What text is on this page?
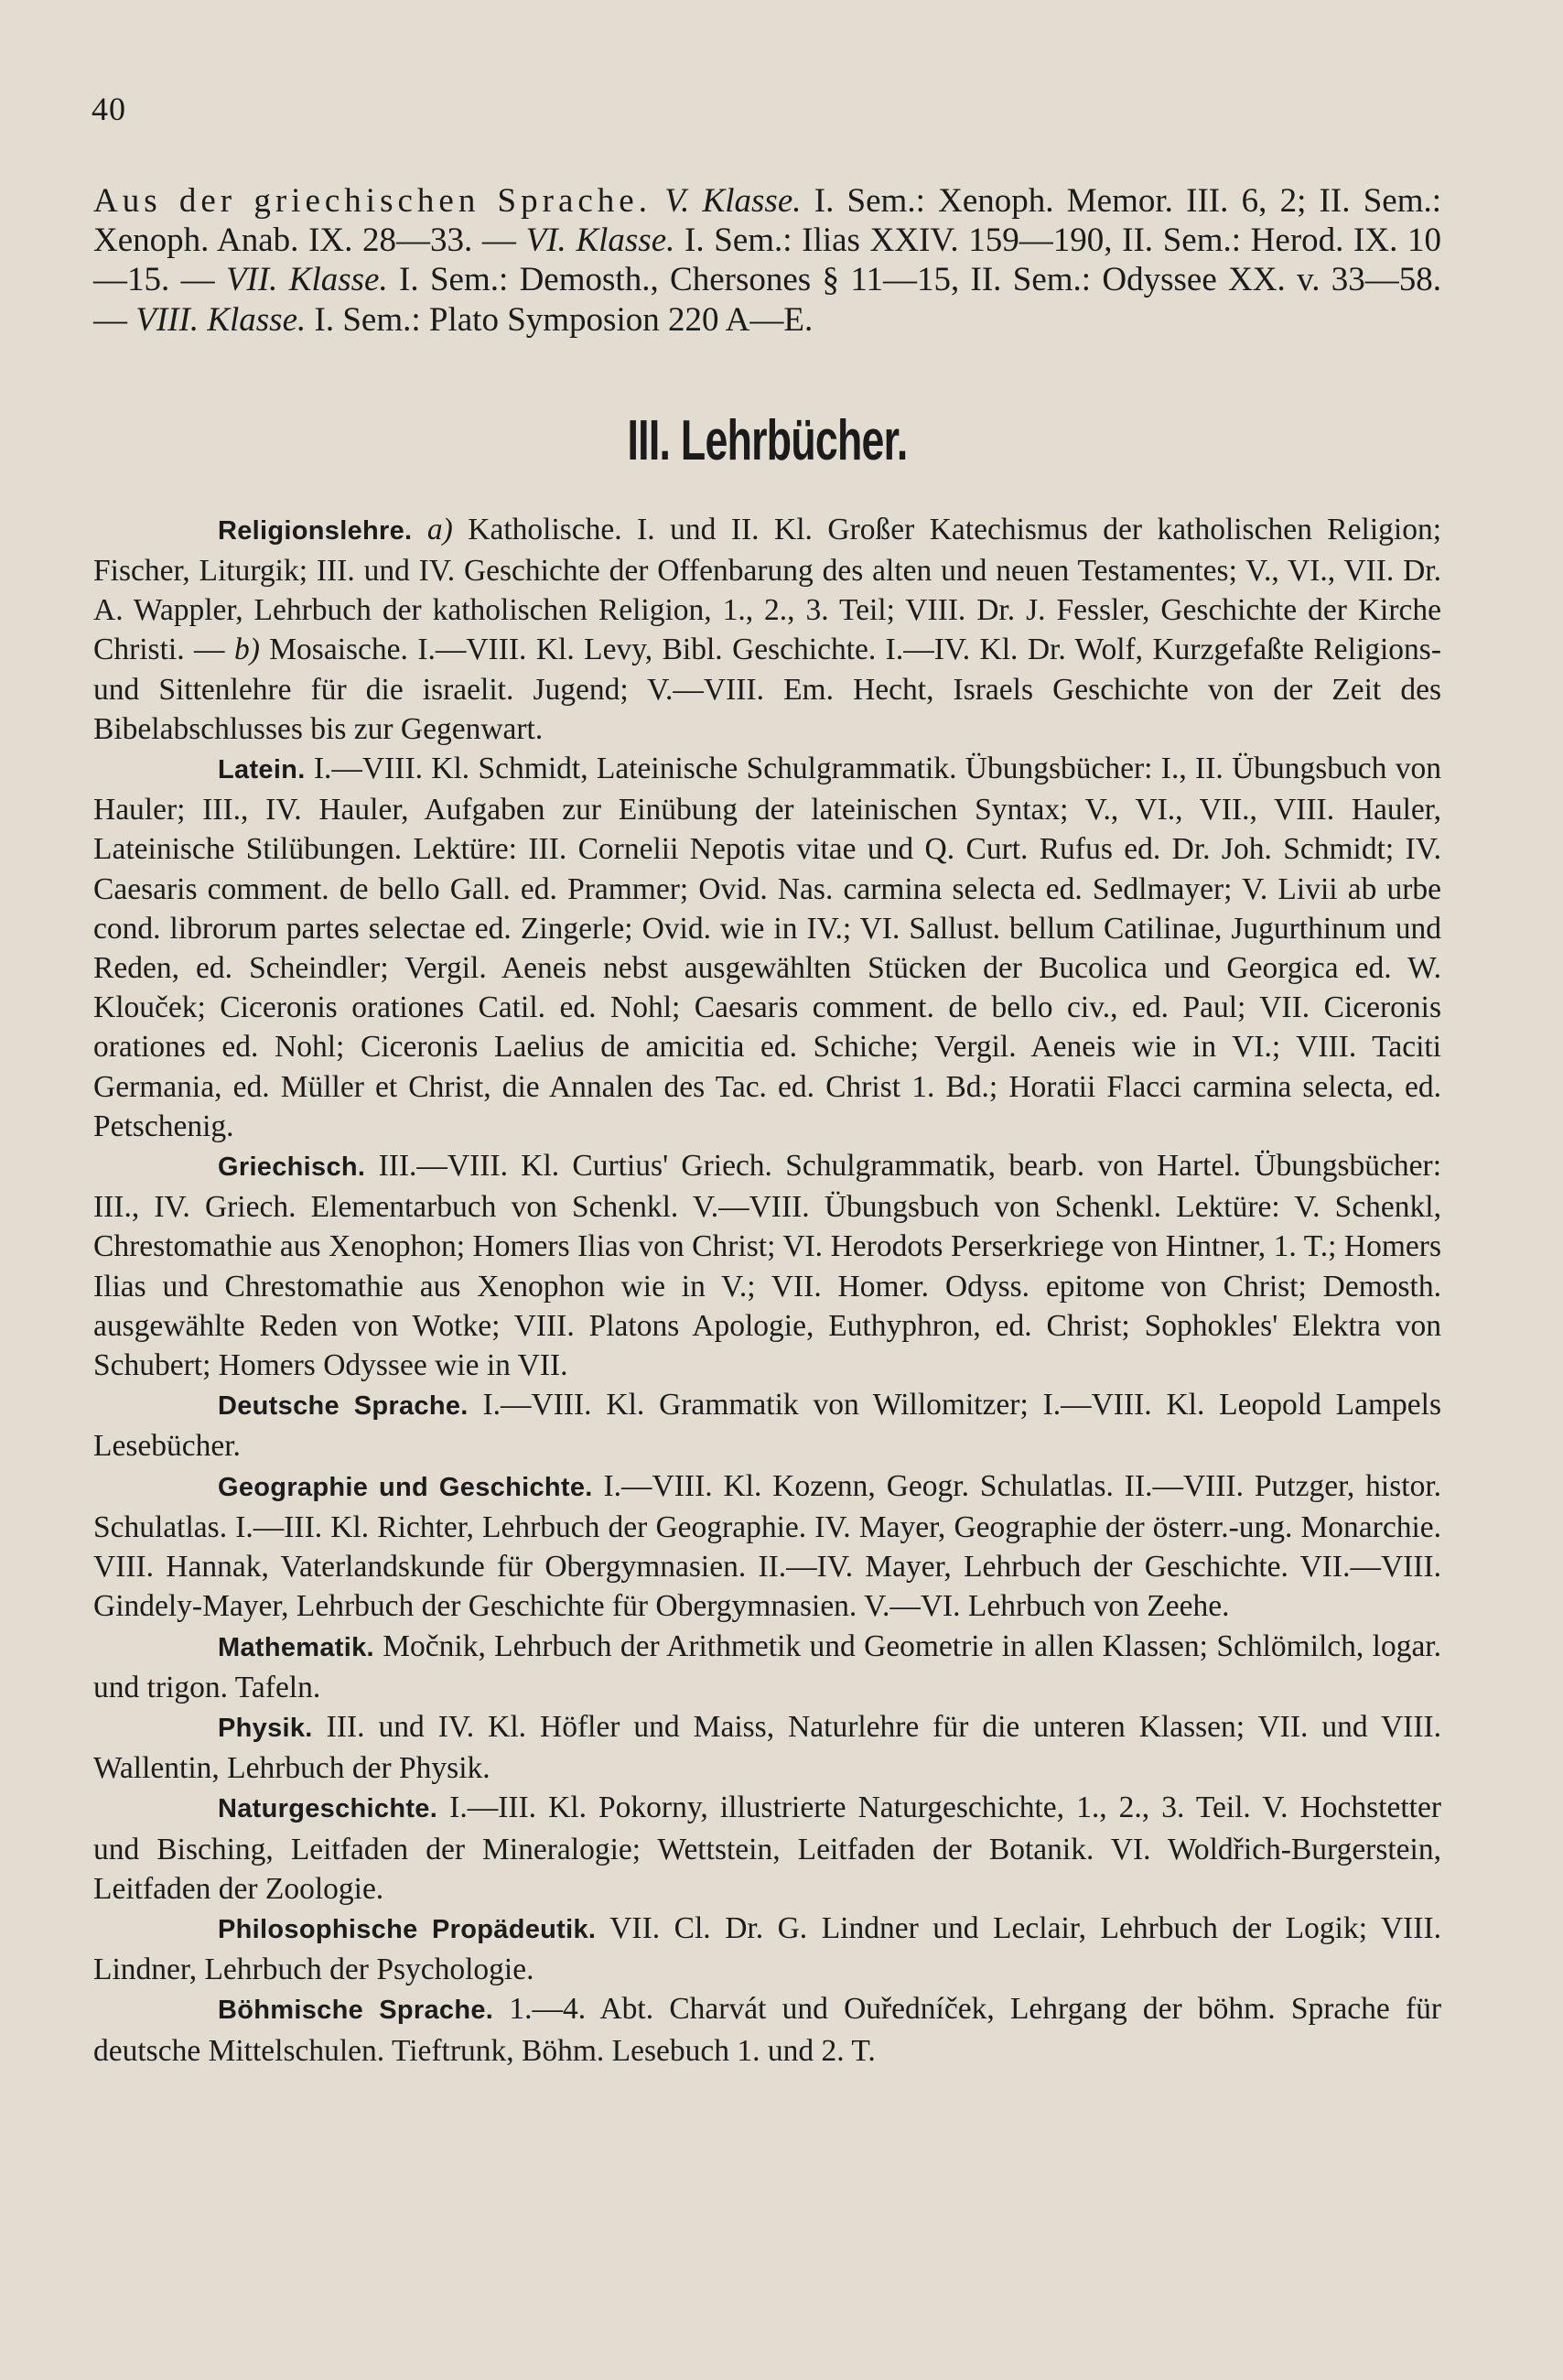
40

Aus der griechischen Sprache. V. Klasse. I. Sem.: Xenoph. Memor. III. 6, 2; II. Sem.: Xenoph. Anab. IX. 28—33. — VI. Klasse. I. Sem.: Ilias XXIV. 159—190, II. Sem.: Herod. IX. 10—15. — VII. Klasse. I. Sem.: Demosth., Chersones § 11—15, II. Sem.: Odyssee XX. v. 33—58. — VIII. Klasse. I. Sem.: Plato Symposion 220 A—E.

III. Lehrbücher.

Religionslehre. a) Katholische. I. und II. Kl. Großer Katechismus der katholischen Religion; Fischer, Liturgik; III. und IV. Geschichte der Offenbarung des alten und neuen Testamentes; V., VI., VII. Dr. A. Wappler, Lehrbuch der katholischen Religion, 1., 2., 3. Teil; VIII. Dr. J. Fessler, Geschichte der Kirche Christi. — b) Mosaische. I.—VIII. Kl. Levy, Bibl. Geschichte. I.—IV. Kl. Dr. Wolf, Kurzgefaßte Religions- und Sittenlehre für die israelit. Jugend; V.—VIII. Em. Hecht, Israels Geschichte von der Zeit des Bibelabschlusses bis zur Gegenwart.

Latein. I.—VIII. Kl. Schmidt, Lateinische Schulgrammatik. Übungsbücher: I., II. Übungsbuch von Hauler; III., IV. Hauler, Aufgaben zur Einübung der lateinischen Syntax; V., VI., VII., VIII. Hauler, Lateinische Stilübungen. Lektüre: III. Cornelii Nepotis vitae und Q. Curt. Rufus ed. Dr. Joh. Schmidt; IV. Caesaris comment. de bello Gall. ed. Prammer; Ovid. Nas. carmina selecta ed. Sedlmayer; V. Livii ab urbe cond. librorum partes selectae ed. Zingerle; Ovid. wie in IV.; VI. Sallust. bellum Catilinae, Jugurthinum und Reden, ed. Scheindler; Vergil. Aeneis nebst ausgewählten Stücken der Bucolica und Georgica ed. W. Klouček; Ciceronis orationes Catil. ed. Nohl; Caesaris comment. de bello civ., ed. Paul; VII. Ciceronis orationes ed. Nohl; Ciceronis Laelius de amicitia ed. Schiche; Vergil. Aeneis wie in VI.; VIII. Taciti Germania, ed. Müller et Christ, die Annalen des Tac. ed. Christ 1. Bd.; Horatii Flacci carmina selecta, ed. Petschenig.

Griechisch. III.—VIII. Kl. Curtius' Griech. Schulgrammatik, bearb. von Hartel. Übungsbücher: III., IV. Griech. Elementarbuch von Schenkl. V.—VIII. Übungsbuch von Schenkl. Lektüre: V. Schenkl, Chrestomathie aus Xenophon; Homers Ilias von Christ; VI. Herodots Perserkriege von Hintner, 1. T.; Homers Ilias und Chrestomathie aus Xenophon wie in V.; VII. Homer. Odyss. epitome von Christ; Demosth. ausgewählte Reden von Wotke; VIII. Platons Apologie, Euthyphron, ed. Christ; Sophokles' Elektra von Schubert; Homers Odyssee wie in VII.

Deutsche Sprache. I.—VIII. Kl. Grammatik von Willomitzer; I.—VIII. Kl. Leopold Lampels Lesebücher.

Geographie und Geschichte. I.—VIII. Kl. Kozenn, Geogr. Schulatlas. II.—VIII. Putzger, histor. Schulatlas. I.—III. Kl. Richter, Lehrbuch der Geographie. IV. Mayer, Geographie der österr.-ung. Monarchie. VIII. Hannak, Vaterlandskunde für Obergymnasien. II.—IV. Mayer, Lehrbuch der Geschichte. VII.—VIII. Gindely-Mayer, Lehrbuch der Geschichte für Obergymnasien. V.—VI. Lehrbuch von Zeehe.

Mathematik. Močnik, Lehrbuch der Arithmetik und Geometrie in allen Klassen; Schlömilch, logar. und trigon. Tafeln.

Physik. III. und IV. Kl. Höfler und Maiss, Naturlehre für die unteren Klassen; VII. und VIII. Wallentin, Lehrbuch der Physik.

Naturgeschichte. I.—III. Kl. Pokorny, illustrierte Naturgeschichte, 1., 2., 3. Teil. V. Hochstetter und Bisching, Leitfaden der Mineralogie; Wettstein, Leitfaden der Botanik. VI. Woldřich-Burgerstein, Leitfaden der Zoologie.

Philosophische Propädeutik. VII. Cl. Dr. G. Lindner und Leclair, Lehrbuch der Logik; VIII. Lindner, Lehrbuch der Psychologie.

Böhmische Sprache. 1.—4. Abt. Charvát und Ouředníček, Lehrgang der böhm. Sprache für deutsche Mittelschulen. Tieftrunk, Böhm. Lesebuch 1. und 2. T.
